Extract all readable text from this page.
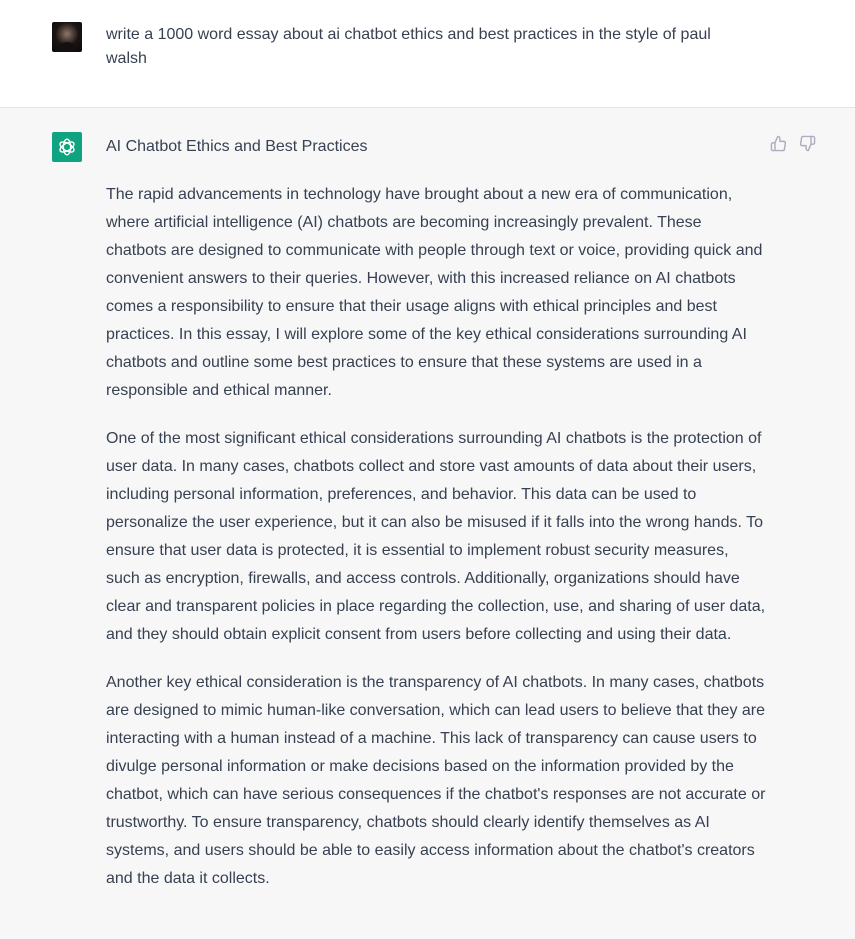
write a 1000 word essay about ai chatbot ethics and best practices in the style of paul walsh

AI Chatbot Ethics and Best Practices

The rapid advancements in technology have brought about a new era of communication, where artificial intelligence (AI) chatbots are becoming increasingly prevalent. These chatbots are designed to communicate with people through text or voice, providing quick and convenient answers to their queries. However, with this increased reliance on AI chatbots comes a responsibility to ensure that their usage aligns with ethical principles and best practices. In this essay, I will explore some of the key ethical considerations surrounding AI chatbots and outline some best practices to ensure that these systems are used in a responsible and ethical manner.

One of the most significant ethical considerations surrounding AI chatbots is the protection of user data. In many cases, chatbots collect and store vast amounts of data about their users, including personal information, preferences, and behavior. This data can be used to personalize the user experience, but it can also be misused if it falls into the wrong hands. To ensure that user data is protected, it is essential to implement robust security measures, such as encryption, firewalls, and access controls. Additionally, organizations should have clear and transparent policies in place regarding the collection, use, and sharing of user data, and they should obtain explicit consent from users before collecting and using their data.

Another key ethical consideration is the transparency of AI chatbots. In many cases, chatbots are designed to mimic human-like conversation, which can lead users to believe that they are interacting with a human instead of a machine. This lack of transparency can cause users to divulge personal information or make decisions based on the information provided by the chatbot, which can have serious consequences if the chatbot's responses are not accurate or trustworthy. To ensure transparency, chatbots should clearly identify themselves as AI systems, and users should be able to easily access information about the chatbot's creators and the data it collects.
